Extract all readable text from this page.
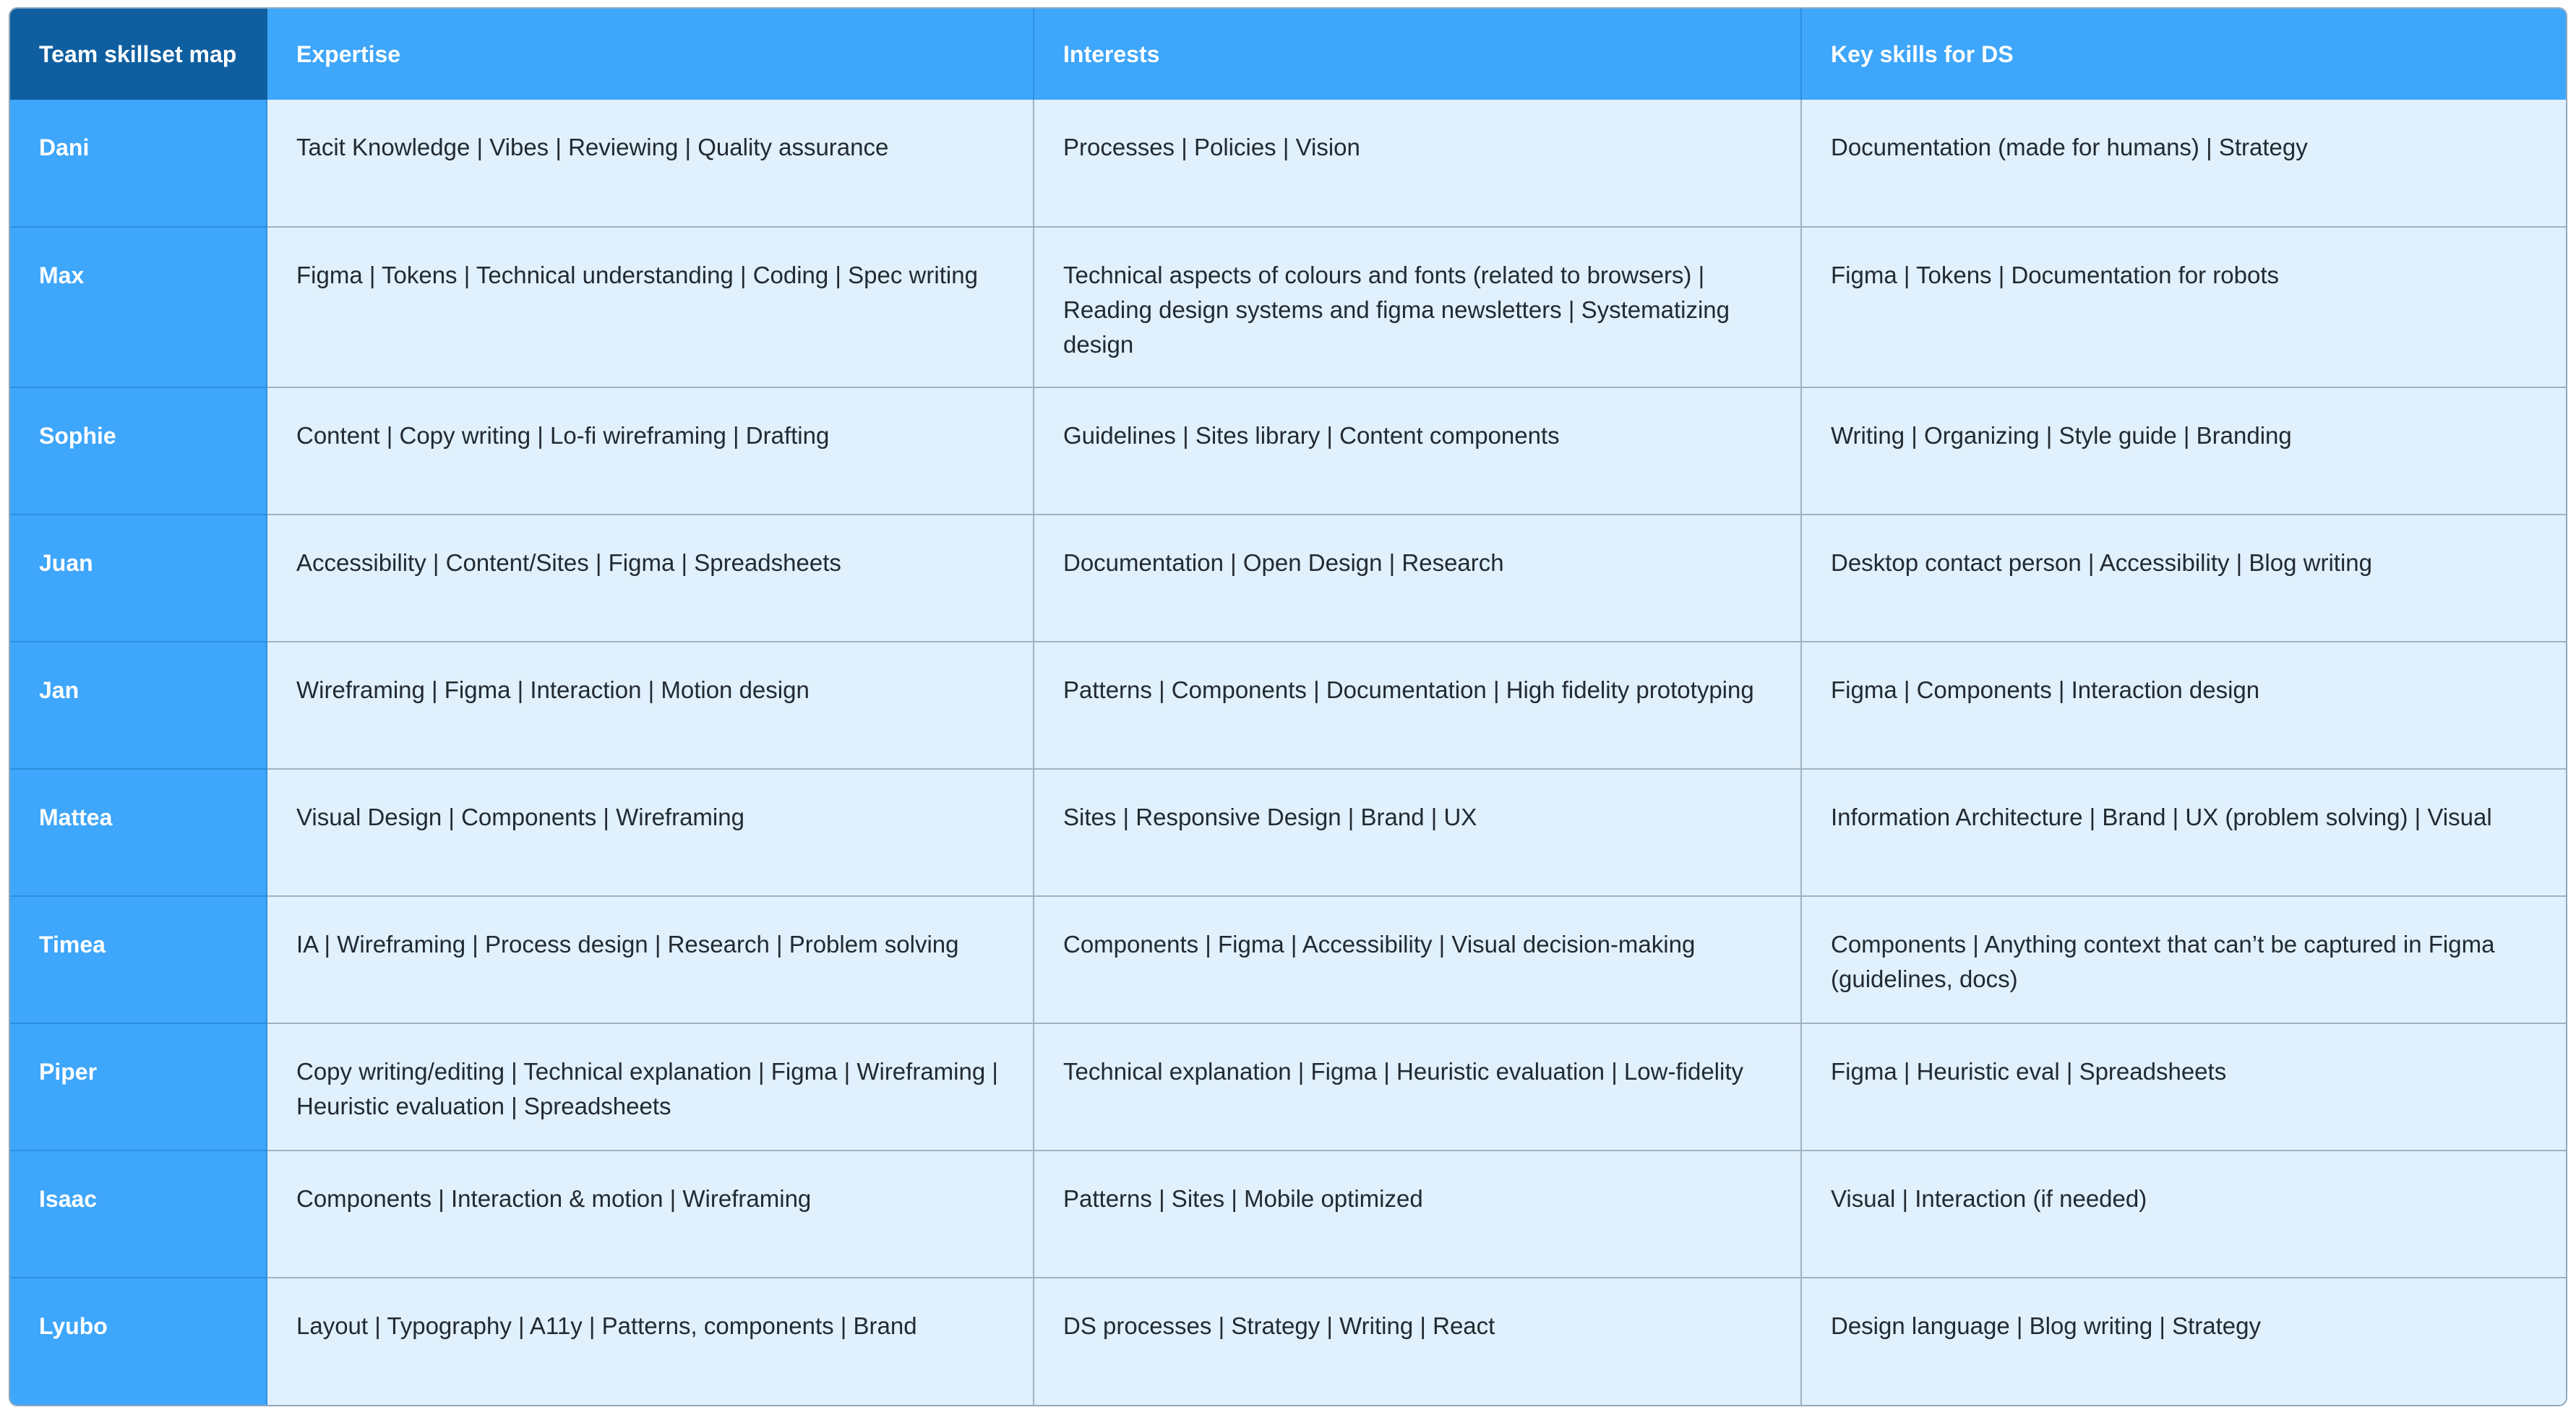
Team skillset map	Expertise	Interests	Key skills for DS
Dani	Tacit Knowledge | Vibes | Reviewing | Quality assurance	Processes | Policies | Vision	Documentation (made for humans) | Strategy
Max	Figma | Tokens | Technical understanding | Coding | Spec writing	Technical aspects of colours and fonts (related to browsers) | Reading design systems and figma newsletters | Systematizing design	Figma | Tokens | Documentation for robots
Sophie	Content | Copy writing | Lo-fi wireframing | Drafting	Guidelines | Sites library | Content components	Writing | Organizing | Style guide | Branding
Juan	Accessibility | Content/Sites | Figma | Spreadsheets	Documentation | Open Design | Research	Desktop contact person | Accessibility | Blog writing
Jan	Wireframing | Figma | Interaction | Motion design	Patterns | Components | Documentation | High fidelity prototyping	Figma | Components | Interaction design
Mattea	Visual Design | Components | Wireframing	Sites | Responsive Design | Brand | UX	Information Architecture | Brand | UX (problem solving) | Visual
Timea	IA | Wireframing | Process design | Research | Problem solving	Components | Figma | Accessibility | Visual decision-making	Components | Anything context that can’t be captured in Figma (guidelines, docs)
Piper	Copy writing/editing | Technical explanation | Figma | Wireframing | Heuristic evaluation | Spreadsheets	Technical explanation | Figma | Heuristic evaluation | Low-fidelity	Figma | Heuristic eval | Spreadsheets
Isaac	Components | Interaction & motion | Wireframing	Patterns | Sites | Mobile optimized	Visual | Interaction (if needed)
Lyubo	Layout | Typography | A11y | Patterns, components | Brand	DS processes | Strategy | Writing | React	Design language | Blog writing | Strategy
